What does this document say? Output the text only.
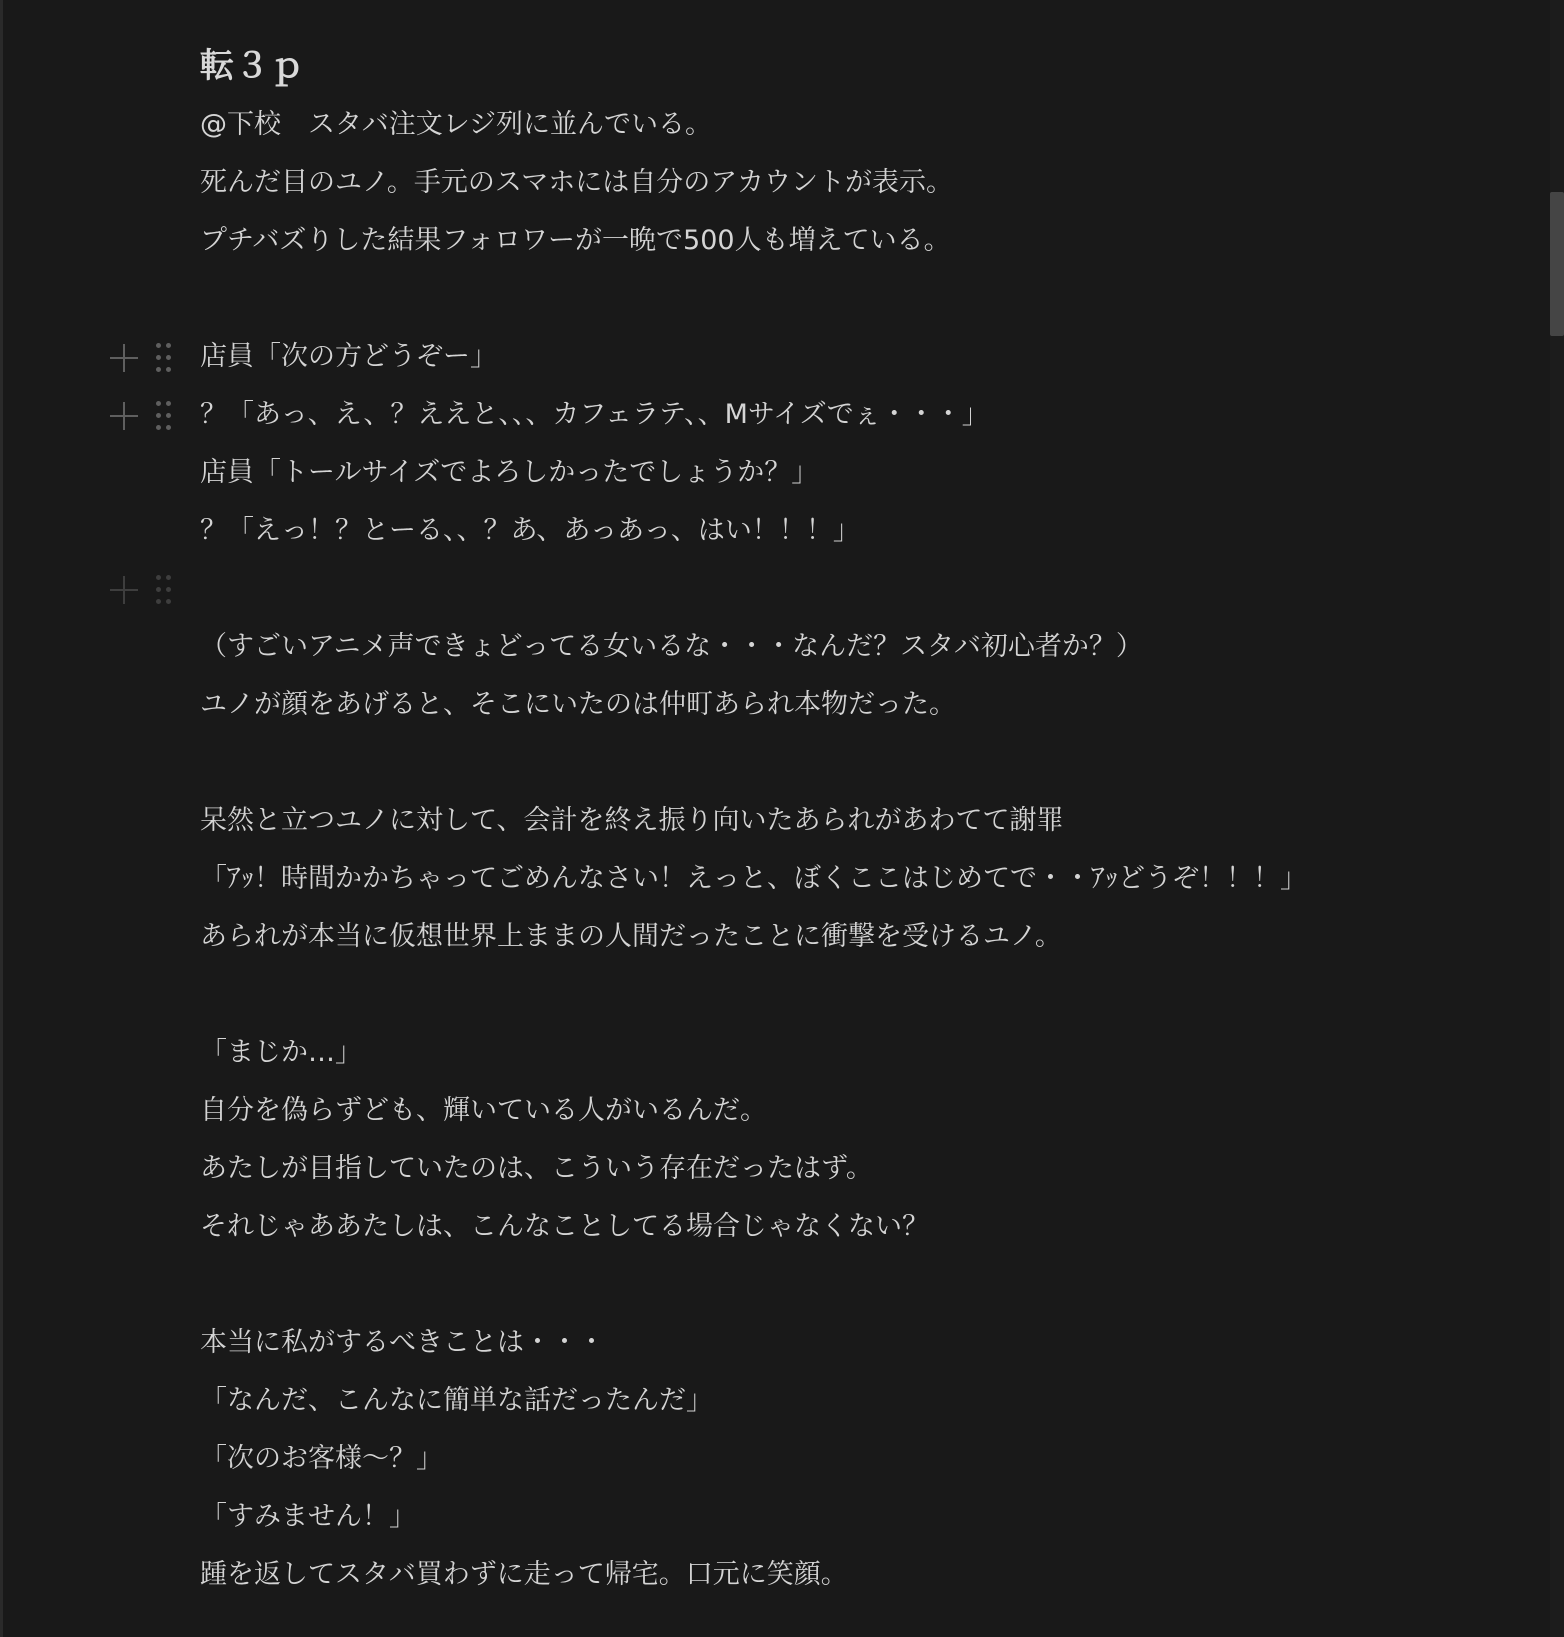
転３ｐ
@下校　スタバ注文レジ列に並んでいる。
死んだ目のユノ。手元のスマホには自分のアカウントが表示。
プチバズりした結果フォロワーが一晩で500人も増えている。
店員「次の方どうぞー」
？「あっ、え、？ええと、、、カフェラテ、、Mサイズでぇ・・・」
店員「トールサイズでよろしかったでしょうか？」
？「えっ！？とーる、、？あ、あっあっ、はい！！！」
（すごいアニメ声できょどってる女いるな・・・なんだ？スタバ初心者か？）
ユノが顔をあげると、そこにいたのは仲町あられ本物だった。
呆然と立つユノに対して、会計を終え振り向いたあられがあわてて謝罪
「ｱｯ！時間かかちゃってごめんなさい！えっと、ぼくここはじめてで・・ｱｯどうぞ！！！」
あられが本当に仮想世界上ままの人間だったことに衝撃を受けるユノ。
「まじか…」
自分を偽らずども、輝いている人がいるんだ。
あたしが目指していたのは、こういう存在だったはず。
それじゃああたしは、こんなことしてる場合じゃなくない？
本当に私がするべきことは・・・
「なんだ、こんなに簡単な話だったんだ」
「次のお客様～？」
「すみません！」
踵を返してスタバ買わずに走って帰宅。口元に笑顔。
